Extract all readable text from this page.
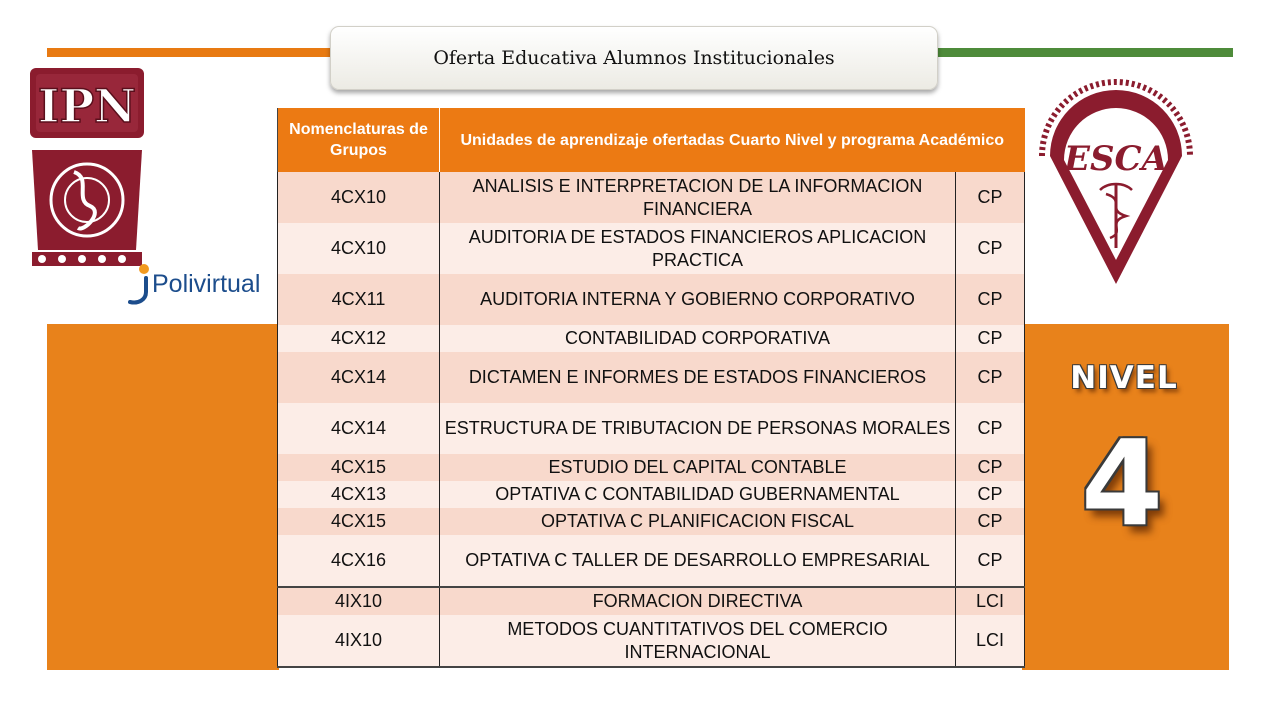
Oferta Educativa Alumnos Institucionales
IPN
Polivirtual
ESCA
NIVEL
4
Nomenclaturas de Grupos	Unidades de aprendizaje ofertadas Cuarto Nivel y programa Académico	
4CX10	ANALISIS E INTERPRETACION DE LA INFORMACION FINANCIERA	CP
4CX10	AUDITORIA DE ESTADOS FINANCIEROS APLICACION PRACTICA	CP
4CX11	AUDITORIA INTERNA Y GOBIERNO CORPORATIVO	CP
4CX12	CONTABILIDAD CORPORATIVA	CP
4CX14	DICTAMEN E INFORMES DE ESTADOS FINANCIEROS	CP
4CX14	ESTRUCTURA DE TRIBUTACION DE PERSONAS MORALES	CP
4CX15	ESTUDIO DEL CAPITAL CONTABLE	CP
4CX13	OPTATIVA C CONTABILIDAD GUBERNAMENTAL	CP
4CX15	OPTATIVA C PLANIFICACION FISCAL	CP
4CX16	OPTATIVA C TALLER DE DESARROLLO EMPRESARIAL	CP
4IX10	FORMACION DIRECTIVA	LCI
4IX10	METODOS CUANTITATIVOS DEL COMERCIO INTERNACIONAL	LCI
